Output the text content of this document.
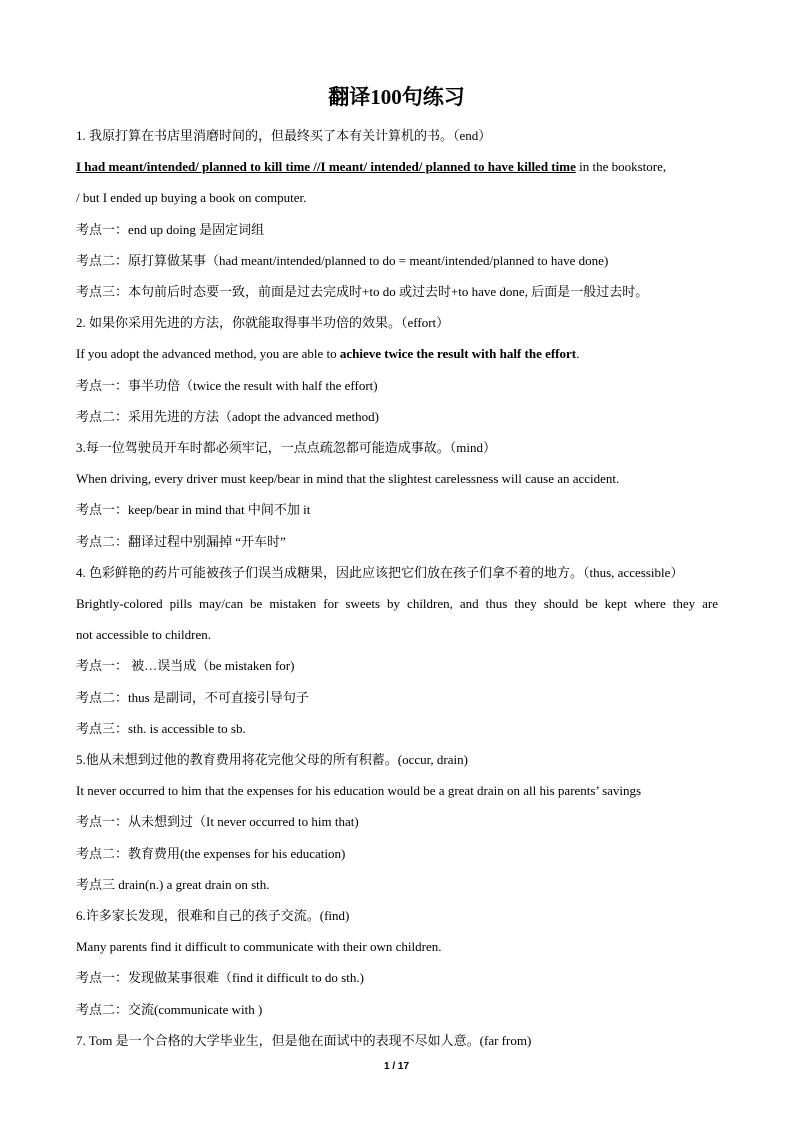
翻译100句练习
1. 我原打算在书店里消磨时间的，但最终买了本有关计算机的书。（end）
I had meant/intended/ planned to kill time //I meant/ intended/ planned to have killed time in the bookstore,
/ but I ended up buying a book on computer.
考点一：end up doing 是固定词组
考点二：原打算做某事（had meant/intended/planned to do = meant/intended/planned to have done)
考点三：本句前后时态要一致，前面是过去完成时+to do 或过去时+to have done, 后面是一般过去时。
2. 如果你采用先进的方法，你就能取得事半功倍的效果。（effort）
If you adopt the advanced method, you are able to achieve twice the result with half the effort.
考点一：事半功倍（twice the result with half the effort)
考点二：采用先进的方法（adopt the advanced method)
3.每一位驾驶员开车时都必须牢记，一点点疏忽都可能造成事故。（mind）
When driving, every driver must keep/bear in mind that the slightest carelessness will cause an accident.
考点一：keep/bear in mind that 中间不加 it
考点二：翻译过程中别漏掉 “开车时”
4. 色彩鲜艳的药片可能被孩子们误当成糖果，因此应该把它们放在孩子们拿不着的地方。（thus, accessible）
Brightly-colored pills may/can be mistaken for sweets by children, and thus they should be kept where they are
not accessible to children.
考点一： 被…误当成（be mistaken for)
考点二：thus 是副词，不可直接引导句子
考点三：sth. is accessible to sb.
5.他从未想到过他的教育费用将花完他父母的所有积蓄。(occur, drain)
It never occurred to him that the expenses for his education would be a great drain on all his parents’ savings
考点一：从未想到过（It never occurred to him that)
考点二：教育费用(the expenses for his education)
考点三 drain(n.) a great drain on sth.
6.许多家长发现，很难和自己的孩子交流。(find)
Many parents find it difficult to communicate with their own children.
考点一：发现做某事很难（find it difficult to do sth.)
考点二：交流(communicate with )
7. Tom 是一个合格的大学毕业生，但是他在面试中的表现不尽如人意。(far from)
1 / 17
